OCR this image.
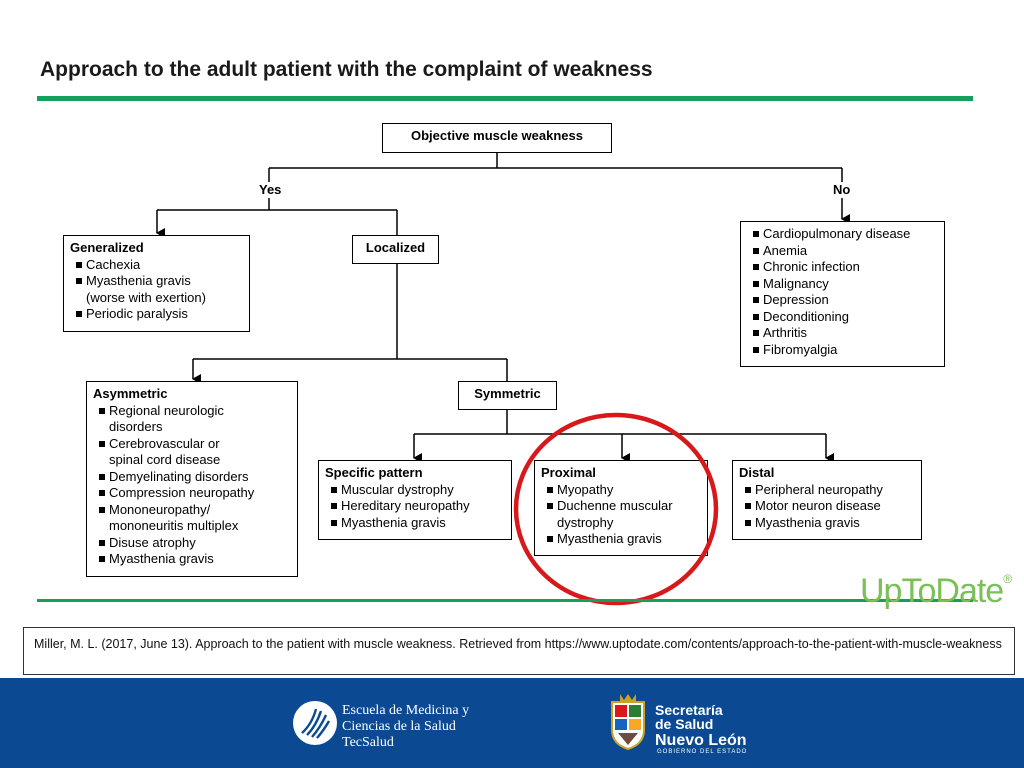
Approach to the adult patient with the complaint of weakness
Yes	No
Objective muscle weakness
Generalized
Cachexia
Myasthenia gravis
(worse with exertion)
Periodic paralysis
Localized
Cardiopulmonary disease
Anemia
Chronic infection
Malignancy
Depression
Deconditioning
Arthritis
Fibromyalgia
Asymmetric
Regional neurologic
disorders
Cerebrovascular or
spinal cord disease
Demyelinating disorders
Compression neuropathy
Mononeuropathy/
mononeuritis multiplex
Disuse atrophy
Myasthenia gravis
Symmetric
Specific pattern
Muscular dystrophy
Hereditary neuropathy
Myasthenia gravis
Proximal
Myopathy
Duchenne muscular
dystrophy
Myasthenia gravis
Distal
Peripheral neuropathy
Motor neuron disease
Myasthenia gravis
UpToDate®
Miller, M. L. (2017, June 13). Approach to the patient with muscle weakness. Retrieved from https://www.uptodate.com/contents/approach-to-the-patient-with-muscle-weakness
Escuela de Medicina y
Ciencias de la Salud
TecSalud
Secretaría
de Salud
Nuevo León
GOBIERNO DEL ESTADO
